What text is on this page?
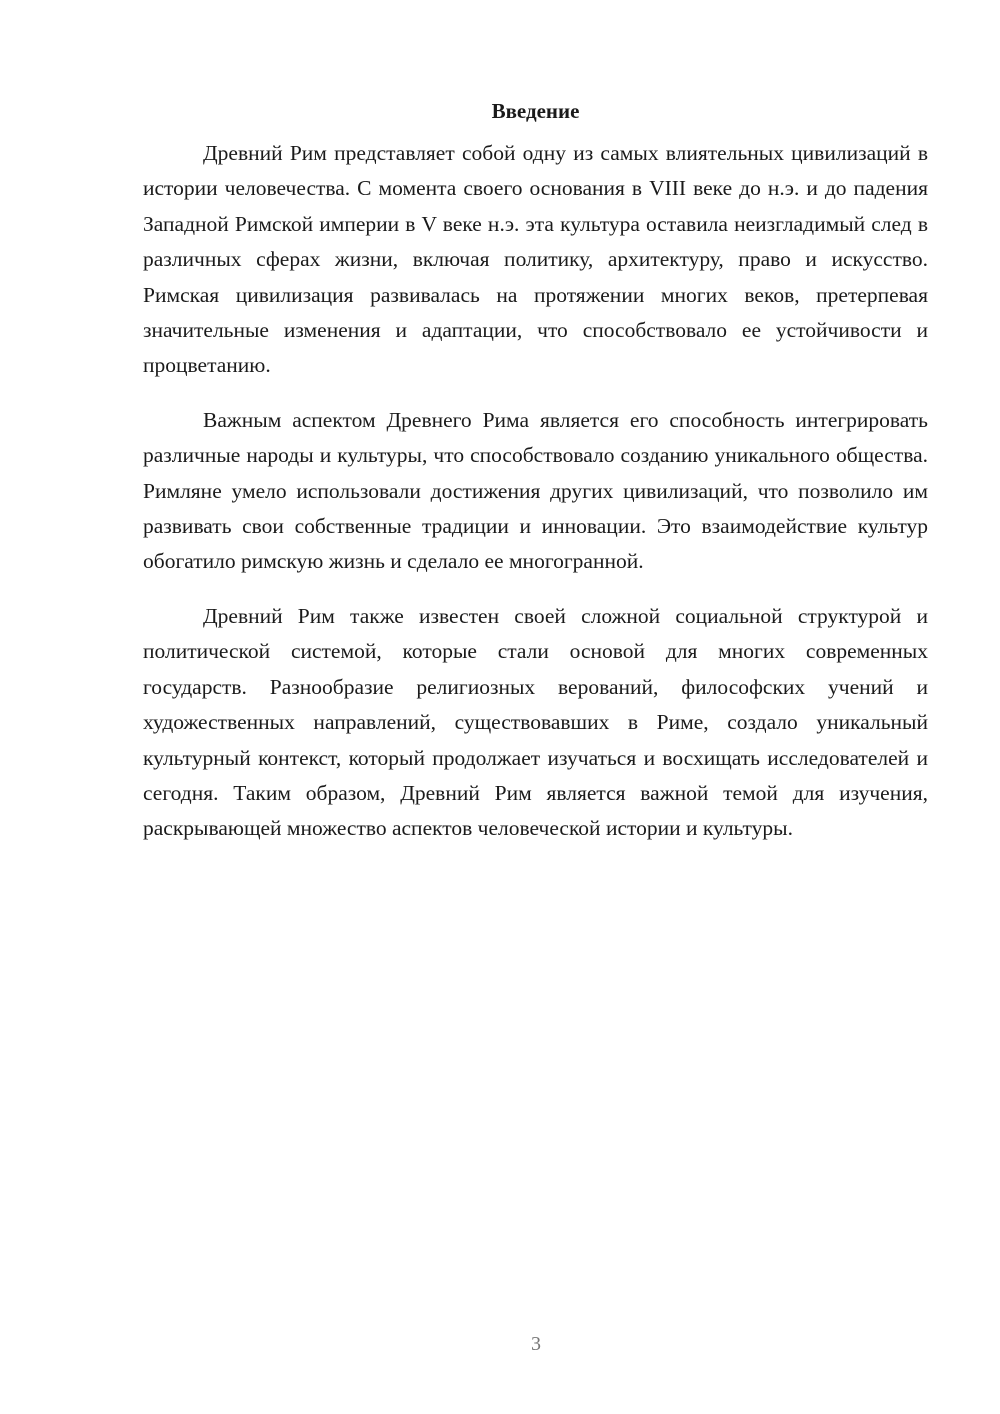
Введение

Древний Рим представляет собой одну из самых влиятельных цивилизаций в истории человечества. С момента своего основания в VIII веке до н.э. и до падения Западной Римской империи в V веке н.э. эта культура оставила неизгладимый след в различных сферах жизни, включая политику, архитектуру, право и искусство. Римская цивилизация развивалась на протяжении многих веков, претерпевая значительные изменения и адаптации, что способствовало ее устойчивости и процветанию.

Важным аспектом Древнего Рима является его способность интегрировать различные народы и культуры, что способствовало созданию уникального общества. Римляне умело использовали достижения других цивилизаций, что позволило им развивать свои собственные традиции и инновации. Это взаимодействие культур обогатило римскую жизнь и сделало ее многогранной.

Древний Рим также известен своей сложной социальной структурой и политической системой, которые стали основой для многих современных государств. Разнообразие религиозных верований, философских учений и художественных направлений, существовавших в Риме, создало уникальный культурный контекст, который продолжает изучаться и восхищать исследователей и сегодня. Таким образом, Древний Рим является важной темой для изучения, раскрывающей множество аспектов человеческой истории и культуры.

3
